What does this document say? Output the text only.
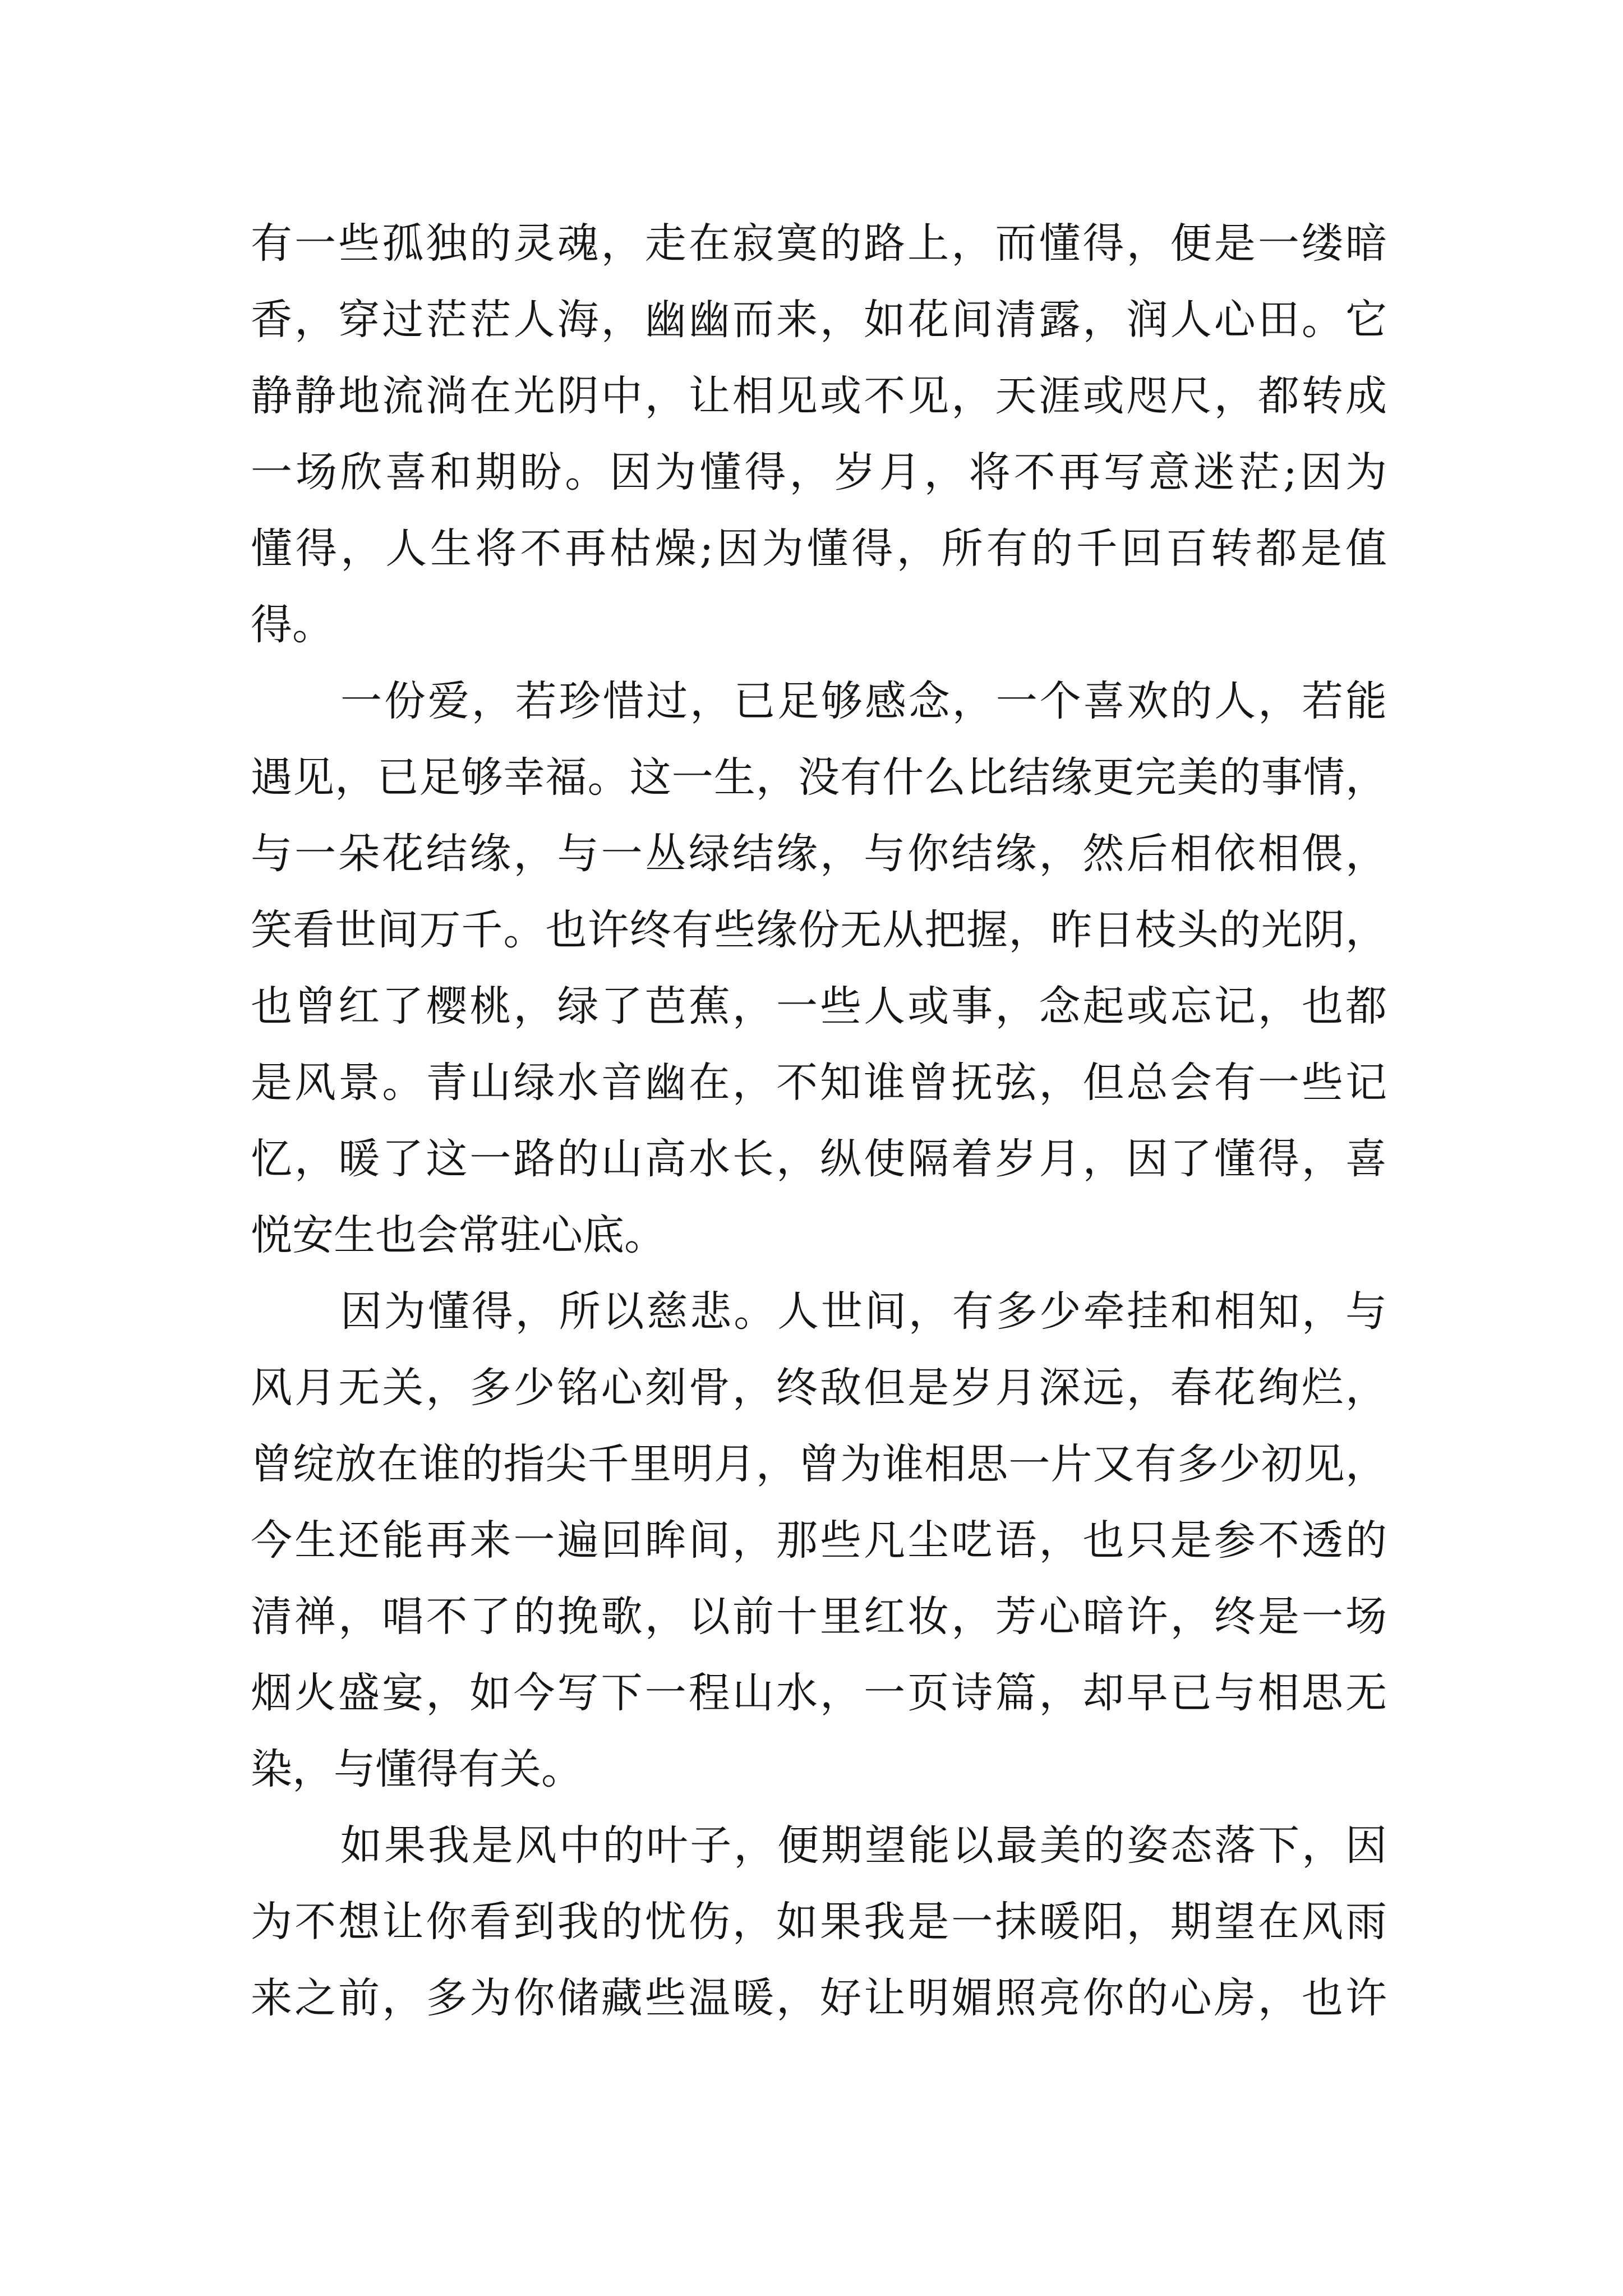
有一些孤独的灵魂，走在寂寞的路上，而懂得，便是一缕暗
香，穿过茫茫人海，幽幽而来，如花间清露，润人心田。它
静静地流淌在光阴中，让相见或不见，天涯或咫尺，都转成
一场欣喜和期盼。因为懂得，岁月，将不再写意迷茫;因为
懂得，人生将不再枯燥;因为懂得，所有的千回百转都是值
得。
一份爱，若珍惜过，已足够感念，一个喜欢的人，若能
遇见，已足够幸福。这一生，没有什么比结缘更完美的事情，
与一朵花结缘，与一丛绿结缘，与你结缘，然后相依相偎，
笑看世间万千。也许终有些缘份无从把握，昨日枝头的光阴，
也曾红了樱桃，绿了芭蕉，一些人或事，念起或忘记，也都
是风景。青山绿水音幽在，不知谁曾抚弦，但总会有一些记
忆，暖了这一路的山高水长，纵使隔着岁月，因了懂得，喜
悦安生也会常驻心底。
因为懂得，所以慈悲。人世间，有多少牵挂和相知，与
风月无关，多少铭心刻骨，终敌但是岁月深远，春花绚烂，
曾绽放在谁的指尖千里明月，曾为谁相思一片又有多少初见，
今生还能再来一遍回眸间，那些凡尘呓语，也只是参不透的
清禅，唱不了的挽歌，以前十里红妆，芳心暗许，终是一场
烟火盛宴，如今写下一程山水，一页诗篇，却早已与相思无
染，与懂得有关。
如果我是风中的叶子，便期望能以最美的姿态落下，因
为不想让你看到我的忧伤，如果我是一抹暖阳，期望在风雨
来之前，多为你储藏些温暖，好让明媚照亮你的心房，也许
